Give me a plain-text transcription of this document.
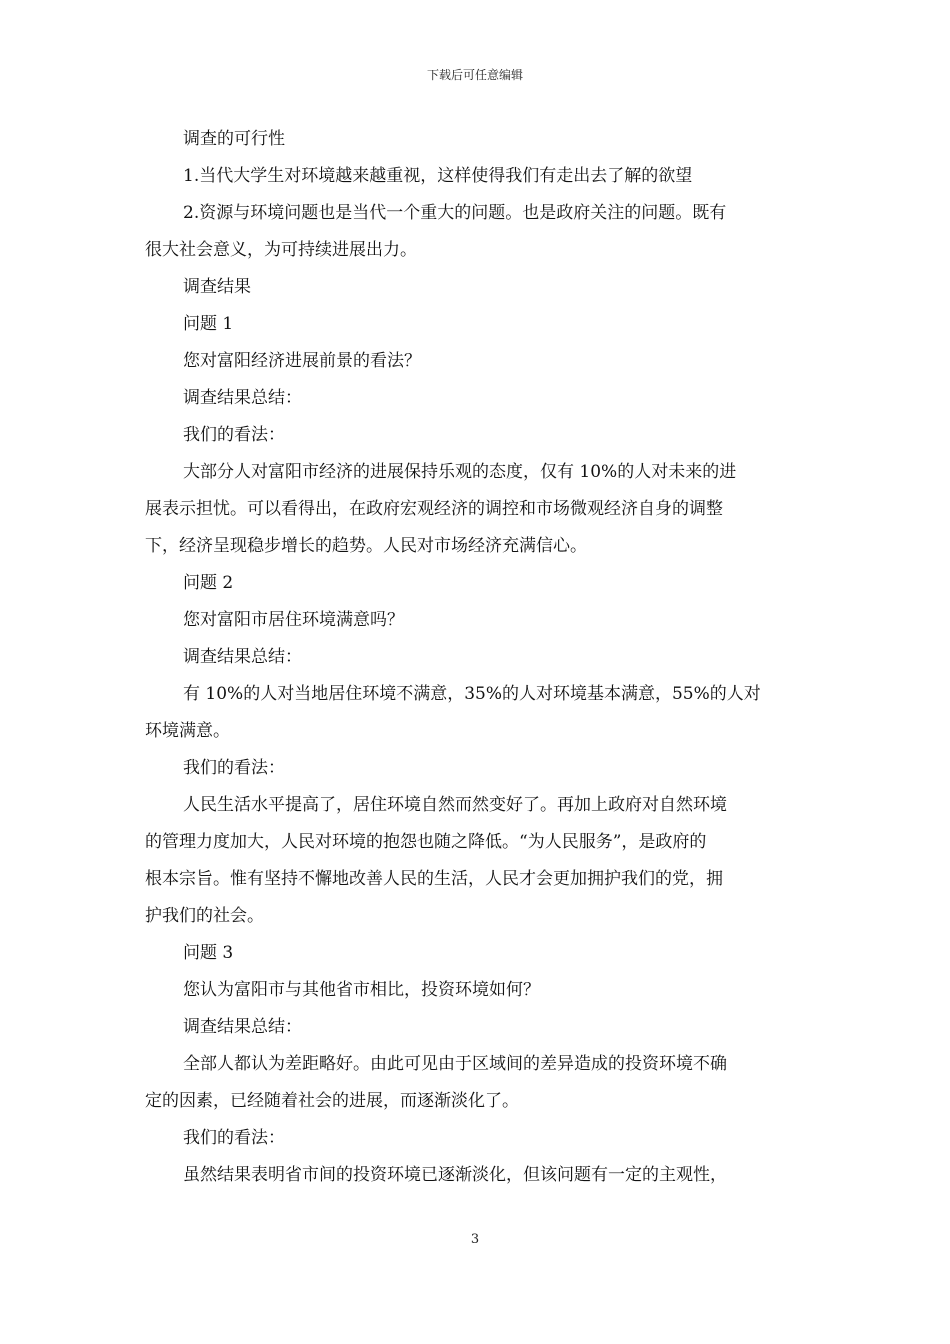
下载后可任意编辑
调查的可行性
1.当代大学生对环境越来越重视，这样使得我们有走出去了解的欲望
2.资源与环境问题也是当代一个重大的问题。也是政府关注的问题。既有
很大社会意义，为可持续进展出力。
调查结果
问题 1
您对富阳经济进展前景的看法？
调查结果总结：
我们的看法：
大部分人对富阳市经济的进展保持乐观的态度，仅有 10%的人对未来的进
展表示担忧。可以看得出，在政府宏观经济的调控和市场微观经济自身的调整
下，经济呈现稳步增长的趋势。人民对市场经济充满信心。
问题 2
您对富阳市居住环境满意吗？
调查结果总结：
有 10%的人对当地居住环境不满意，35%的人对环境基本满意，55%的人对
环境满意。
我们的看法：
人民生活水平提高了，居住环境自然而然变好了。再加上政府对自然环境
的管理力度加大，人民对环境的抱怨也随之降低。“为人民服务”，是政府的
根本宗旨。惟有坚持不懈地改善人民的生活，人民才会更加拥护我们的党，拥
护我们的社会。
问题 3
您认为富阳市与其他省市相比，投资环境如何？
调查结果总结：
全部人都认为差距略好。由此可见由于区域间的差异造成的投资环境不确
定的因素，已经随着社会的进展，而逐渐淡化了。
我们的看法：
虽然结果表明省市间的投资环境已逐渐淡化，但该问题有一定的主观性，
3
